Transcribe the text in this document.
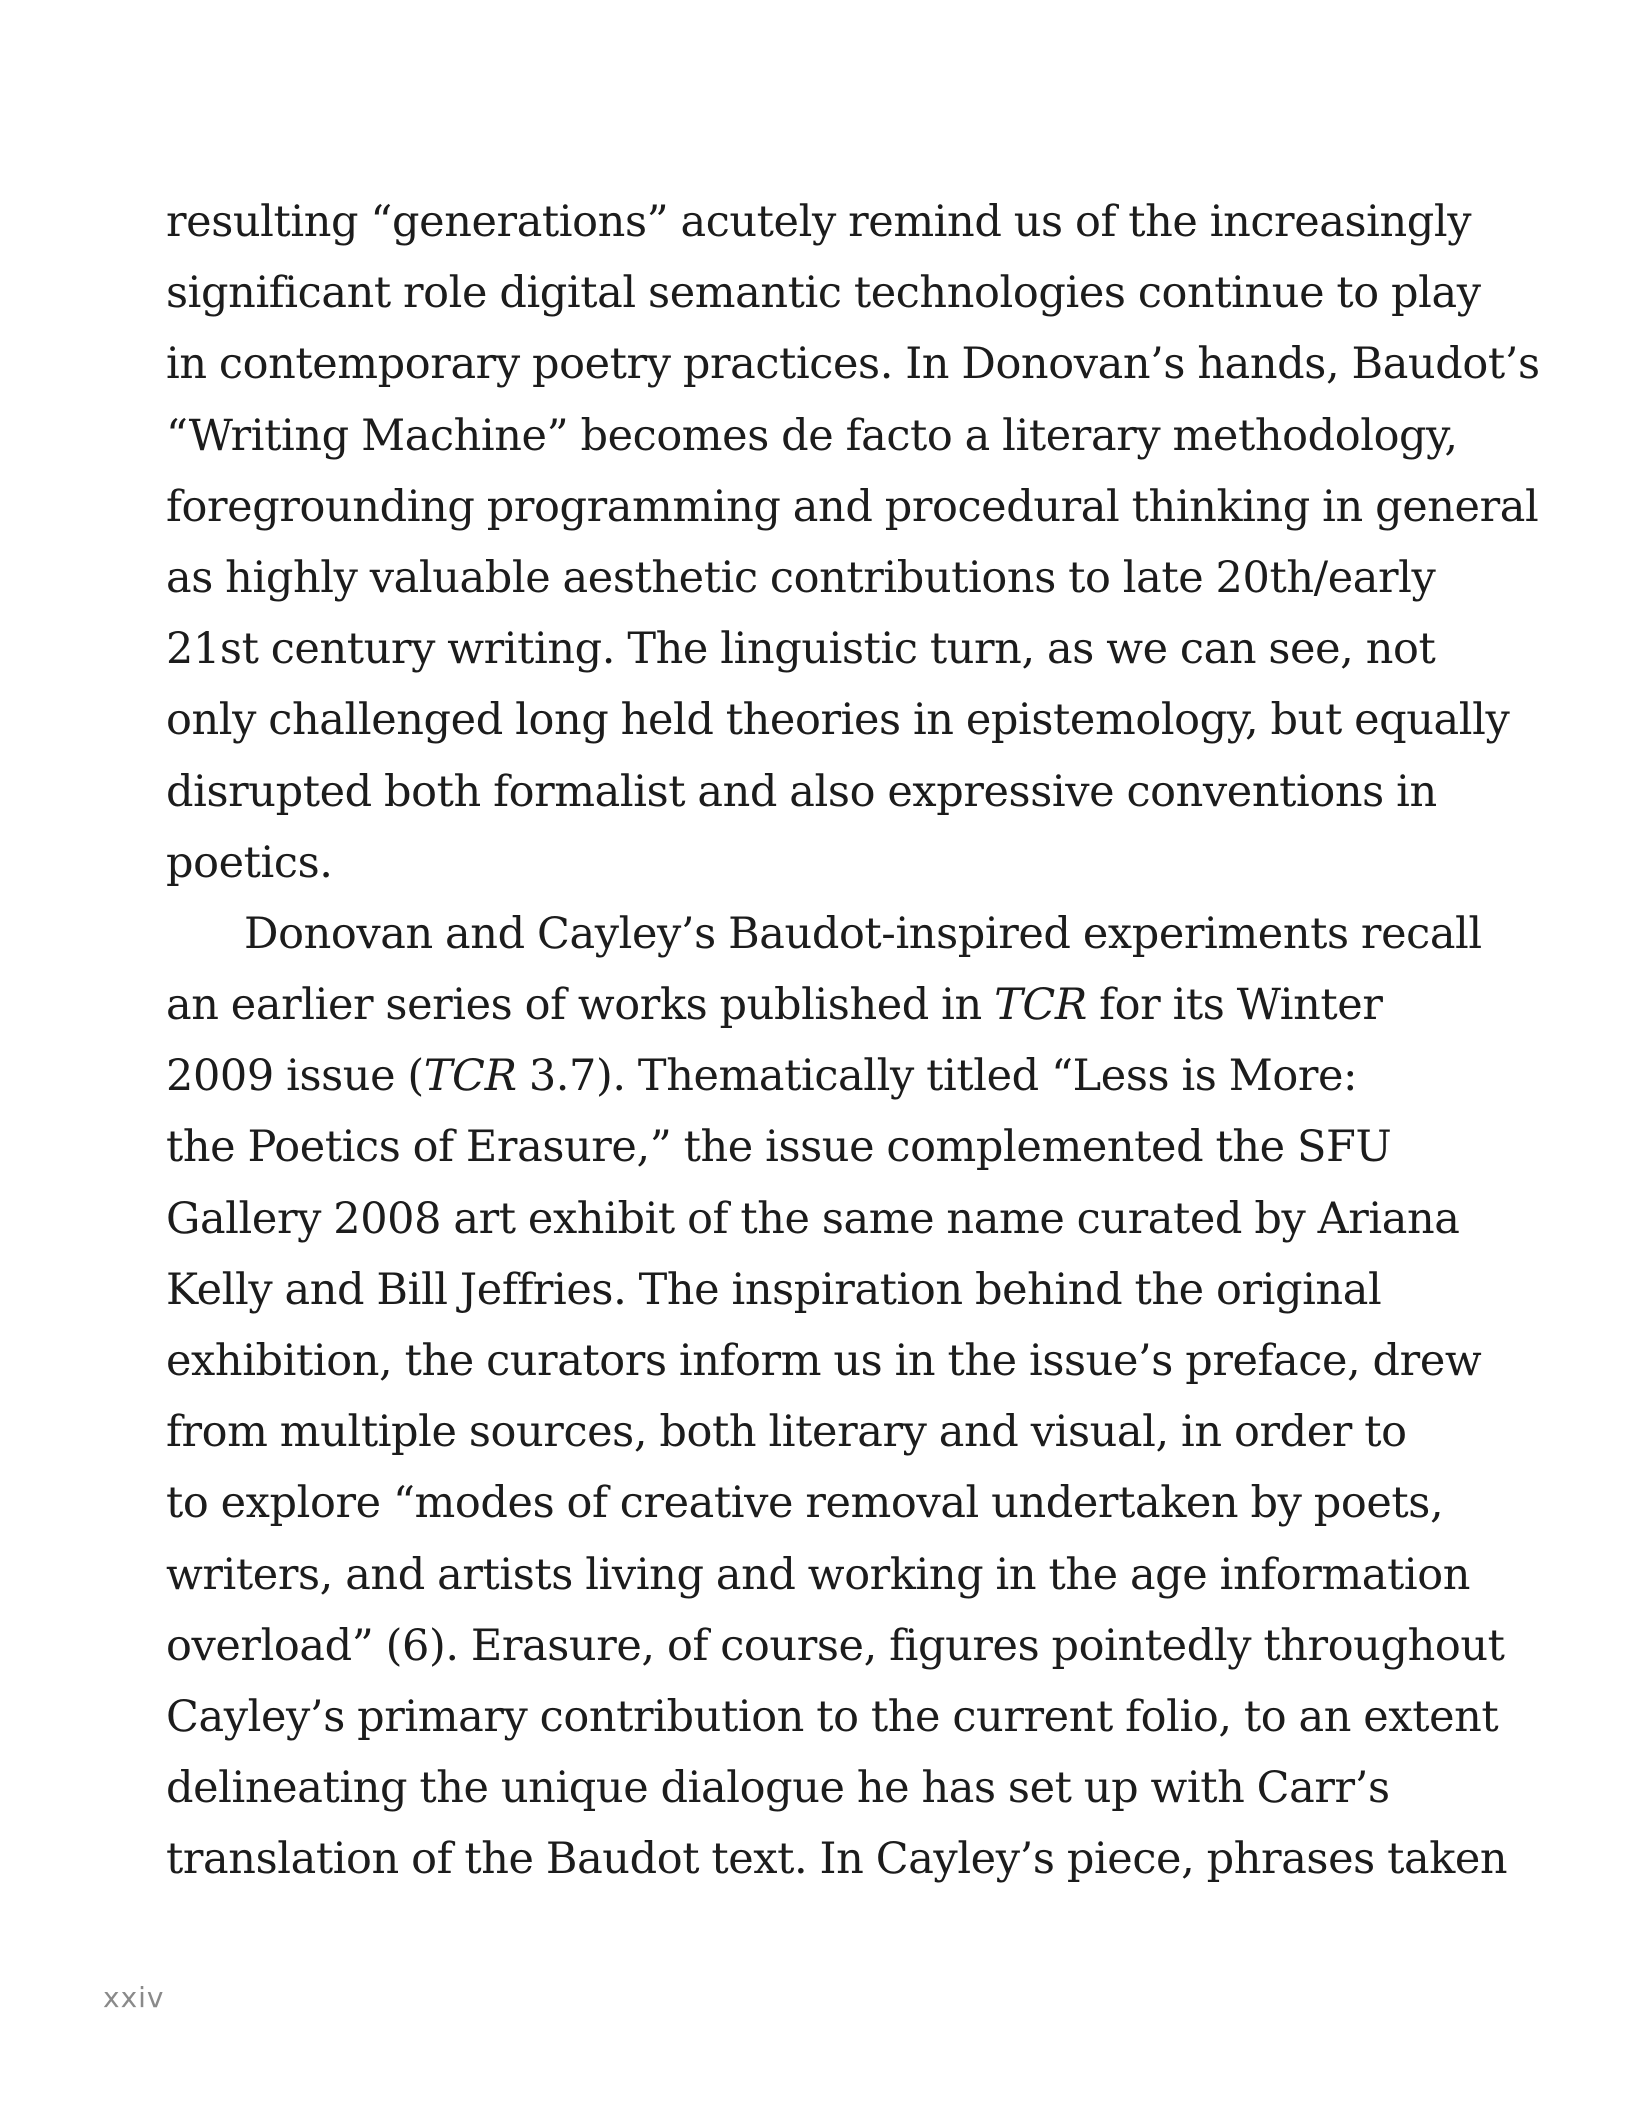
resulting “generations” acutely remind us of the increasingly
significant role digital semantic technologies continue to play
in contemporary poetry practices. In Donovan’s hands, Baudot’s
“Writing Machine” becomes de facto a literary methodology,
foregrounding programming and procedural thinking in general
as highly valuable aesthetic contributions to late 20th/early
21st century writing. The linguistic turn, as we can see, not
only challenged long held theories in epistemology, but equally
disrupted both formalist and also expressive conventions in
poetics.
Donovan and Cayley’s Baudot-inspired experiments recall
an earlier series of works published in TCR for its Winter
2009 issue (TCR 3.7). Thematically titled “Less is More:
the Poetics of Erasure,” the issue complemented the SFU
Gallery 2008 art exhibit of the same name curated by Ariana
Kelly and Bill Jeffries. The inspiration behind the original
exhibition, the curators inform us in the issue’s preface, drew
from multiple sources, both literary and visual, in order to
to explore “modes of creative removal undertaken by poets,
writers, and artists living and working in the age information
overload” (6). Erasure, of course, figures pointedly throughout
Cayley’s primary contribution to the current folio, to an extent
delineating the unique dialogue he has set up with Carr’s
translation of the Baudot text. In Cayley’s piece, phrases taken
xxiv
